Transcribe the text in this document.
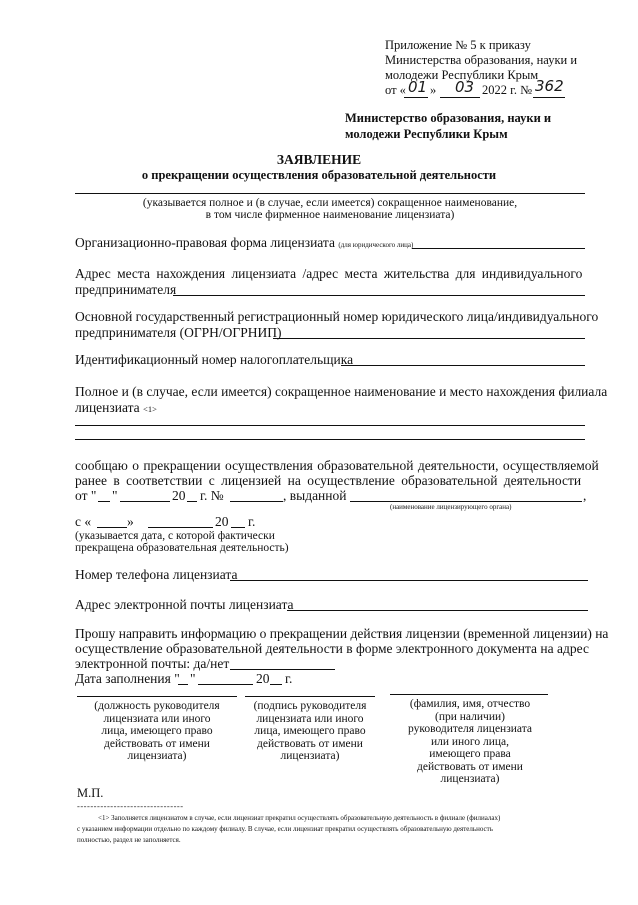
Приложение № 5 к приказу
Министерства образования, науки и
молодежи Республики Крым
от « 01 » 03 2022 г. № 362
Министерство образования, науки и
молодежи Республики Крым
ЗАЯВЛЕНИЕ
о прекращении осуществления образовательной деятельности
(указывается полное и (в случае, если имеется) сокращенное наименование,
в том числе фирменное наименование лицензиата)
Организационно-правовая форма лицензиата (для юридического лица)
Адрес места нахождения лицензиата /адрес места жительства для индивидуального
предпринимателя
Основной государственный регистрационный номер юридического лица/индивидуального
предпринимателя (ОГРН/ОГРНИП)
Идентификационный номер налогоплательщика
Полное и (в случае, если имеется) сокращенное наименование и место нахождения филиала
лицензиата <1>
сообщаю о прекращении осуществления образовательной деятельности, осуществляемой
ранее в соответствии с лицензией на осуществление образовательной деятельности
от " "	20 г. №	, выданной	,
(наименование лицензирующего органа)
с «	»	20 г.
(указывается дата, с которой фактически
прекращена образовательная деятельность)
Номер телефона лицензиата
Адрес электронной почты лицензиата
Прошу направить информацию о прекращении действия лицензии (временной лицензии) на
осуществление образовательной деятельности в форме электронного документа на адрес
электронной почты: да/нет
Дата заполнения " "	20 г.
(должность руководителя
лицензиата или иного
лица, имеющего право
действовать от имени
лицензиата)
(подпись руководителя
лицензиата или иного
лица, имеющего право
действовать от имени
лицензиата)
(фамилия, имя, отчество
(при наличии)
руководителя лицензиата
или иного лица,
имеющего права
действовать от имени
лицензиата)
М.П.
--------------------------------
<1> Заполняется лицензиатом в случае, если лицензиат прекратил осуществлять образовательную деятельность в филиале (филиалах)
с указанием информации отдельно по каждому филиалу. В случае, если лицензиат прекратил осуществлять образовательную деятельность
полностью, раздел не заполняется.
